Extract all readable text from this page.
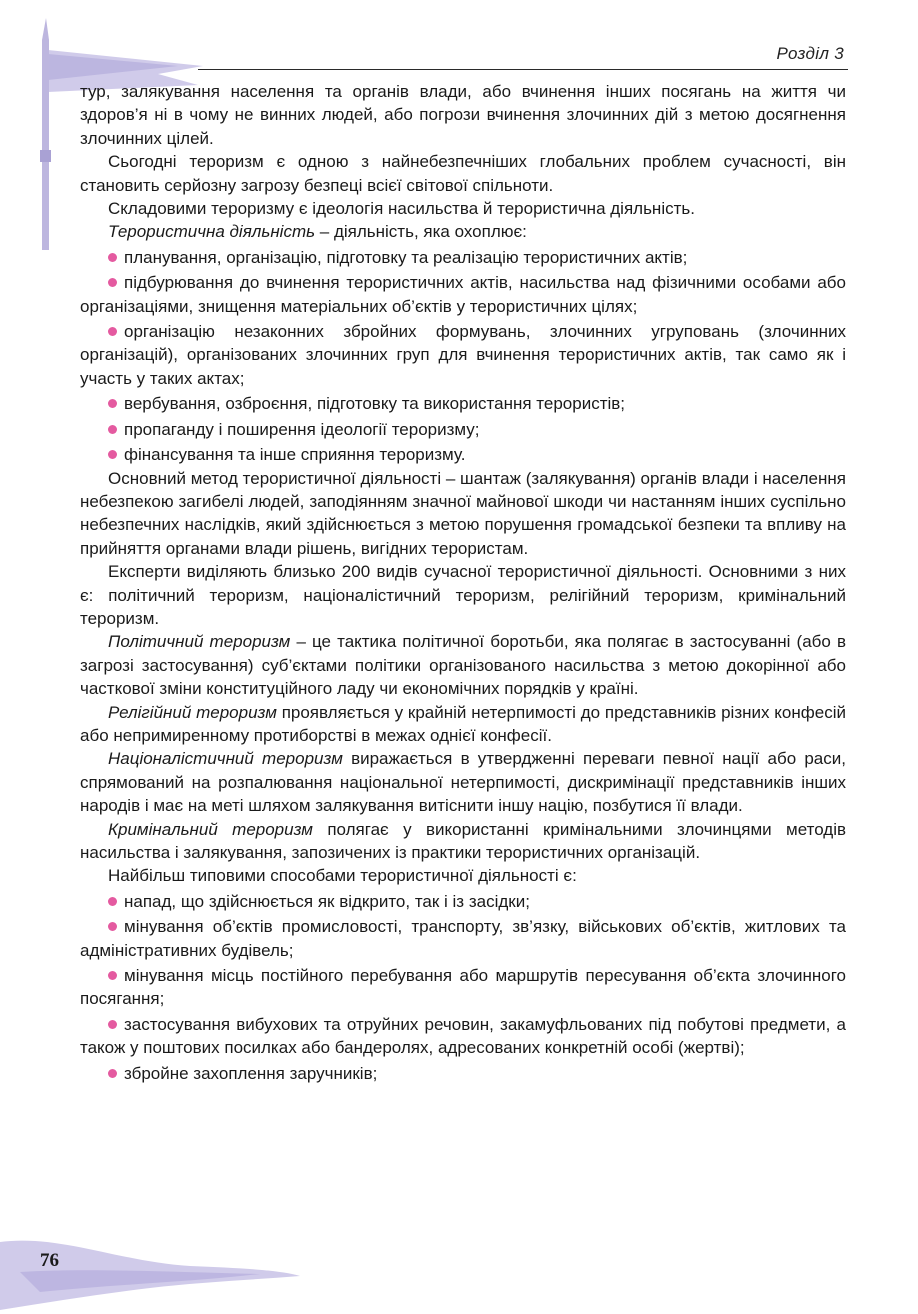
Розділ 3

тур, залякування населення та органів влади, або вчинення інших посягань на життя чи здоров’я ні в чому не винних людей, або погрози вчинення злочинних дій з метою досягнення злочинних цілей.

Сьогодні тероризм є одною з найнебезпечніших глобальних проблем сучасності, він становить серйозну загрозу безпеці всієї світової спільноти.

Складовими тероризму є ідеологія насильства й терористична діяльність.

Терористична діяльність – діяльність, яка охоплює:

планування, організацію, підготовку та реалізацію терористичних актів;

підбурювання до вчинення терористичних актів, насильства над фізичними особами або організаціями, знищення матеріальних об’єктів у терористичних цілях;

організацію незаконних збройних формувань, злочинних угруповань (злочинних організацій), організованих злочинних груп для вчинення терористичних актів, так само як і участь у таких актах;

вербування, озброєння, підготовку та використання терористів;

пропаганду і поширення ідеології тероризму;

фінансування та інше сприяння тероризму.

Основний метод терористичної діяльності – шантаж (залякування) органів влади і населення небезпекою загибелі людей, заподіянням значної майнової шкоди чи настанням інших суспільно небезпечних наслідків, який здійснюється з метою порушення громадської безпеки та впливу на прийняття органами влади рішень, вигідних терористам.

Експерти виділяють близько 200 видів сучасної терористичної діяльності. Основними з них є: політичний тероризм, націоналістичний тероризм, релігійний тероризм, кримінальний тероризм.

Політичний тероризм – це тактика політичної боротьби, яка полягає в застосуванні (або в загрозі застосування) суб’єктами політики організованого насильства з метою докорінної або часткової зміни конституційного ладу чи економічних порядків у країні.

Релігійний тероризм проявляється у крайній нетерпимості до представників різних конфесій або непримиренному протиборстві в межах однієї конфесії.

Націоналістичний тероризм виражається в утвердженні переваги певної нації або раси, спрямований на розпалювання національної нетерпимості, дискримінації представників інших народів і має на меті шляхом залякування витіснити іншу націю, позбутися її влади.

Кримінальний тероризм полягає у використанні кримінальними злочинцями методів насильства і залякування, запозичених із практики терористичних організацій.

Найбільш типовими способами терористичної діяльності є:

напад, що здійснюється як відкрито, так і із засідки;

мінування об’єктів промисловості, транспорту, зв’язку, військових об’єктів, житлових та адміністративних будівель;

мінування місць постійного перебування або маршрутів пересування об’єкта злочинного посягання;

застосування вибухових та отруйних речовин, закамуфльованих під побутові предмети, а також у поштових посилках або бандеролях, адресованих конкретній особі (жертві);

збройне захоплення заручників;

76
